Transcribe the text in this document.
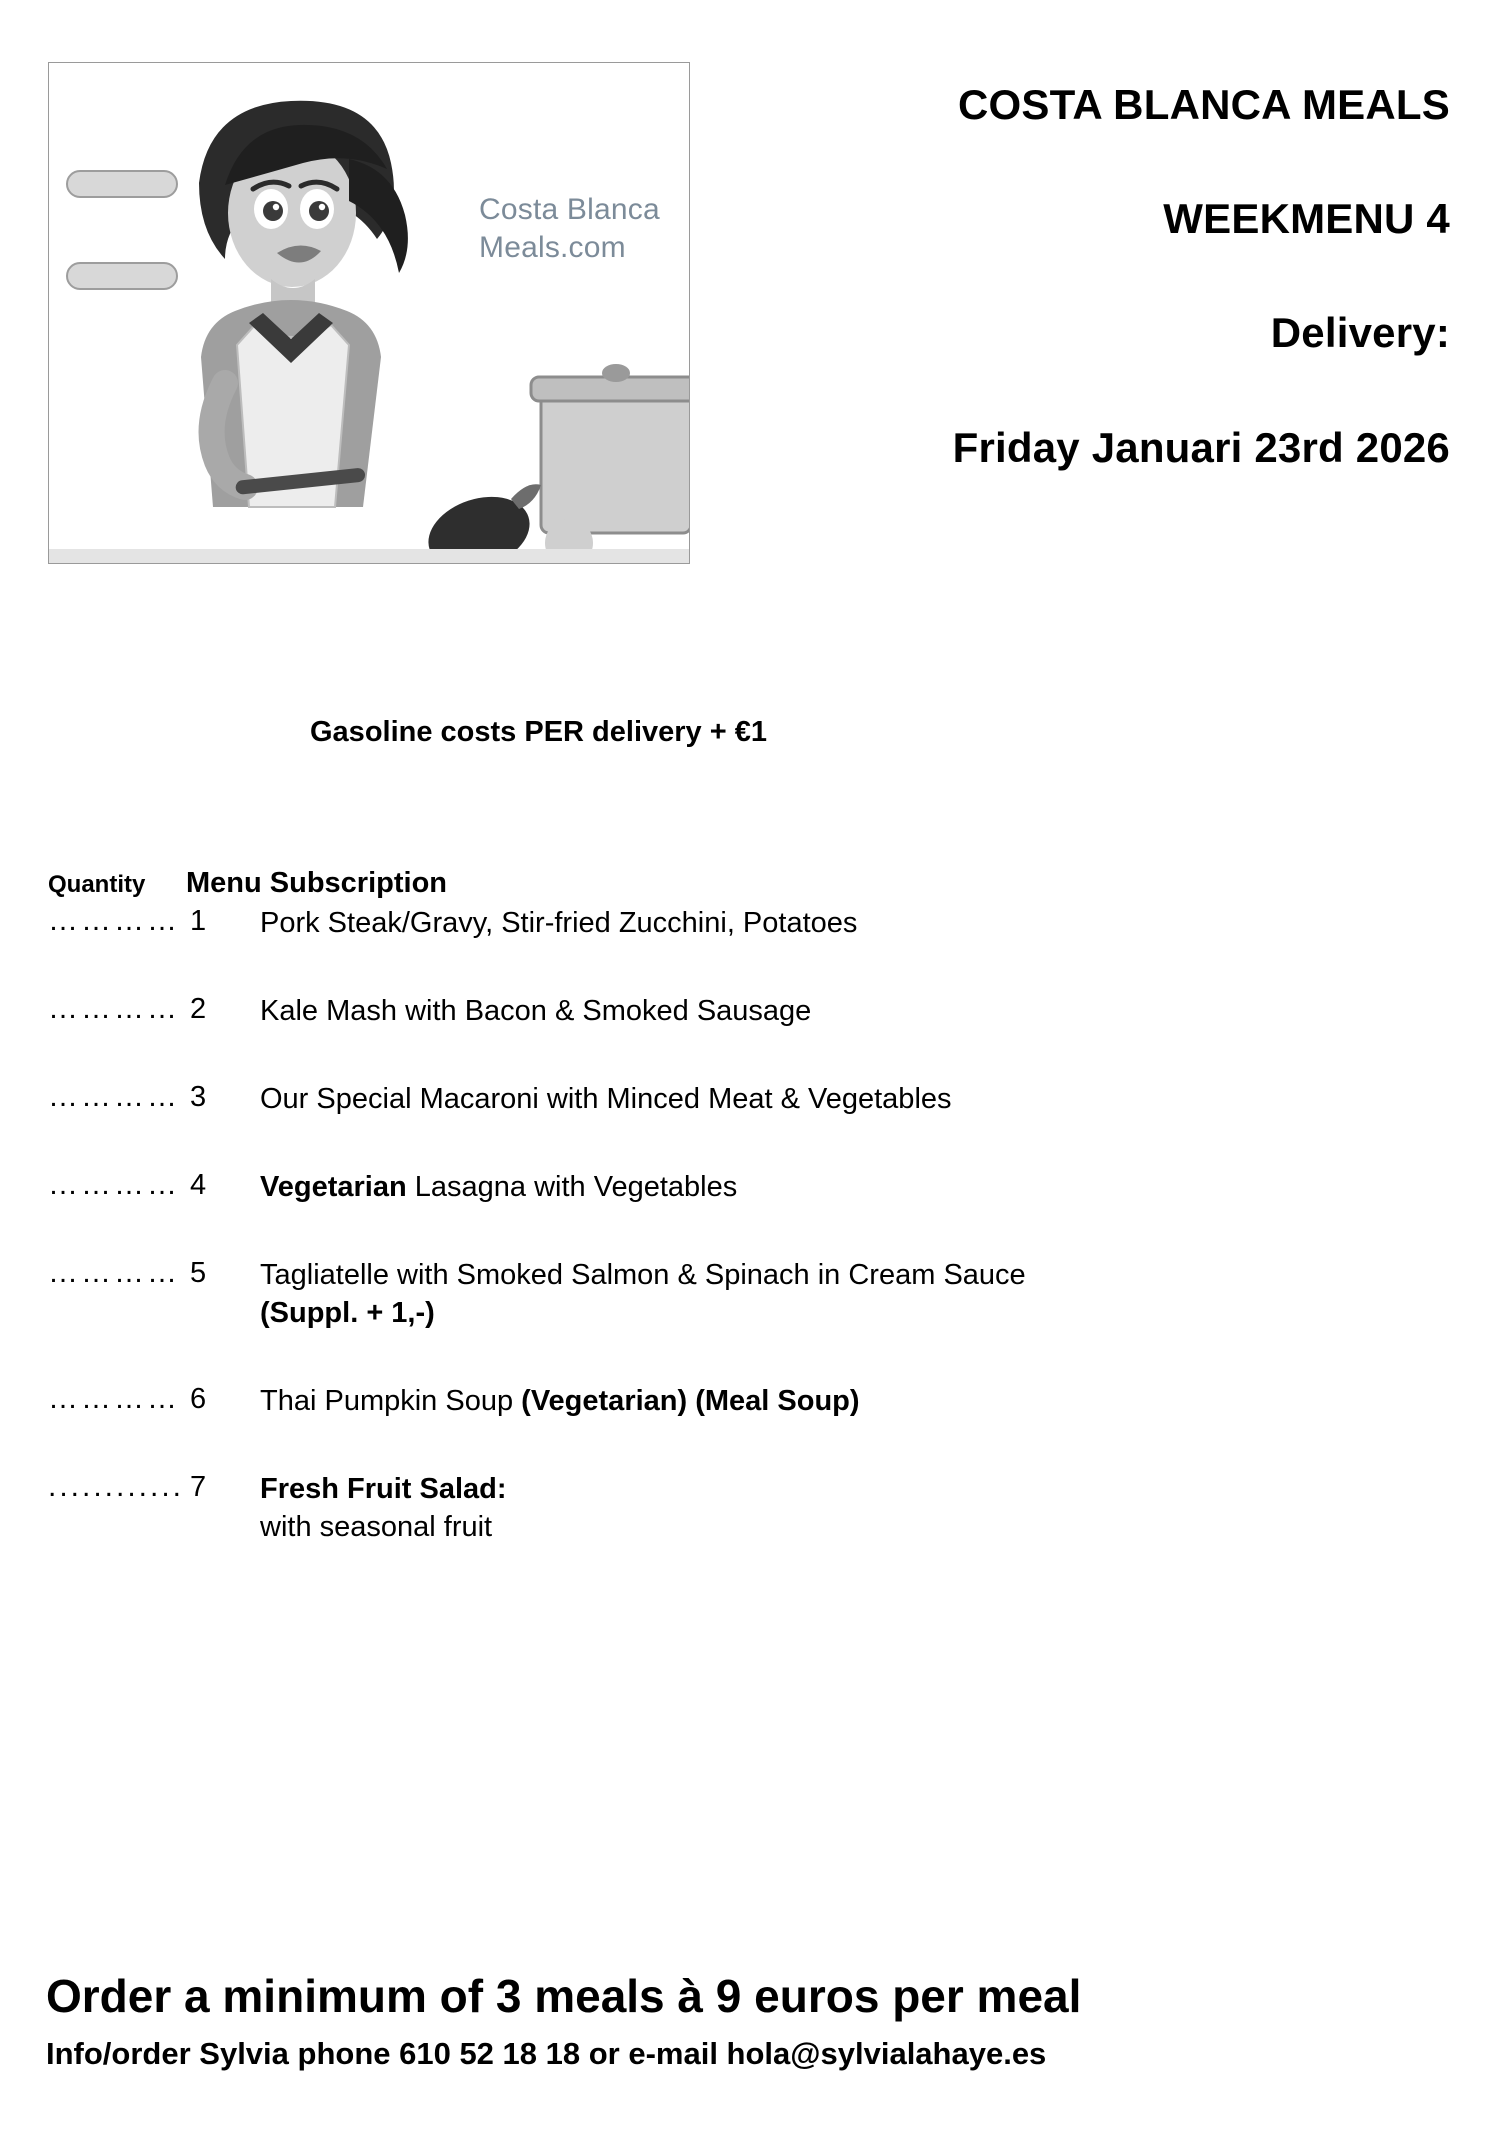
Costa Blanca
Meals.com
COSTA BLANCA MEALS
WEEKMENU 4
Delivery:
Friday Januari 23rd 2026
Gasoline costs PER delivery + €1
Quantity	Menu Subscription
………… 1	Pork Steak/Gravy, Stir-fried Zucchini, Potatoes
………… 2	Kale Mash with Bacon & Smoked Sausage
………… 3	Our Special Macaroni with Minced Meat & Vegetables
………… 4	Vegetarian Lasagna with Vegetables
………… 5	Tagliatelle with Smoked Salmon & Spinach in Cream Sauce
(Suppl. + 1,-)
………… 6	Thai Pumpkin Soup (Vegetarian) (Meal Soup)
............ 7	Fresh Fruit Salad:
with seasonal fruit
Order a minimum of 3 meals à 9 euros per meal
Info/order Sylvia phone 610 52 18 18 or e-mail hola@sylvialahaye.es
